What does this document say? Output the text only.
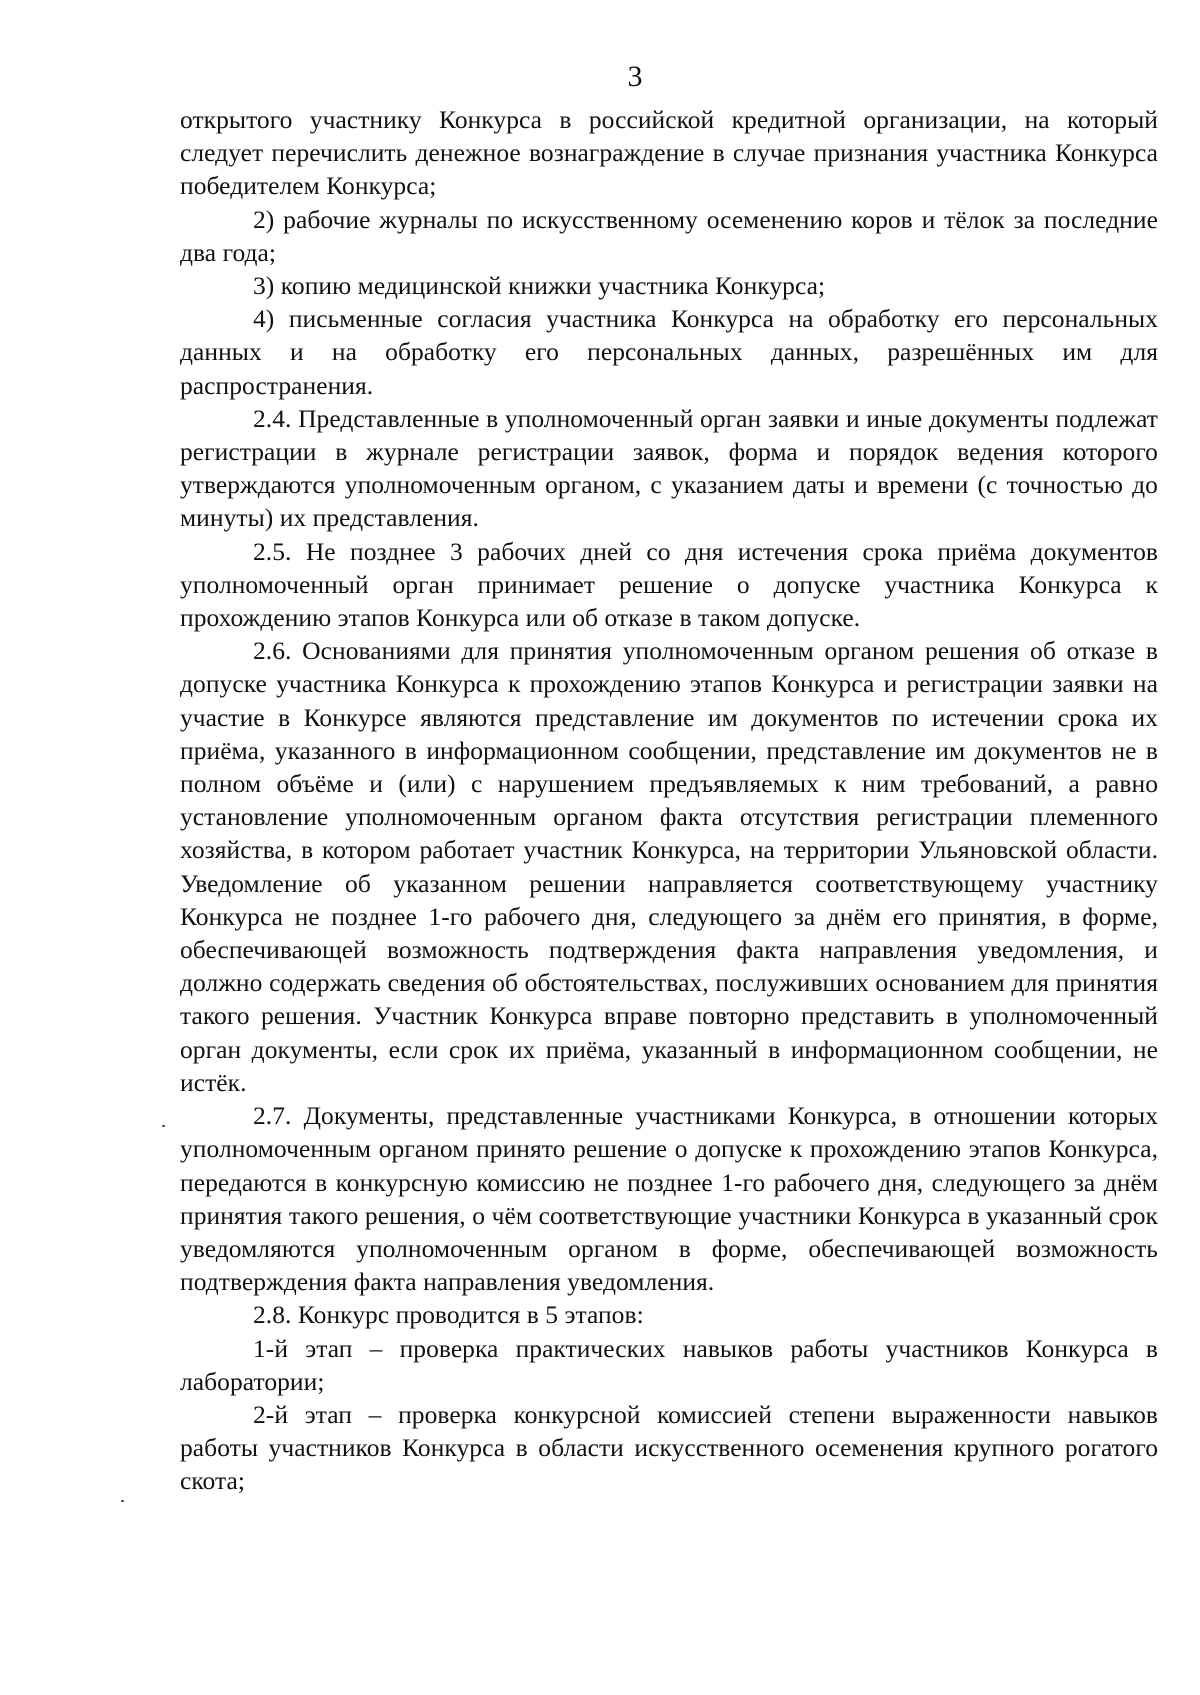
3

открытого участнику Конкурса в российской кредитной организации, на который следует перечислить денежное вознаграждение в случае признания участника Конкурса победителем Конкурса;

2) рабочие журналы по искусственному осеменению коров и тёлок за последние два года;

3) копию медицинской книжки участника Конкурса;

4) письменные согласия участника Конкурса на обработку его персональных данных и на обработку его персональных данных, разрешённых им для распространения.

2.4. Представленные в уполномоченный орган заявки и иные документы подлежат регистрации в журнале регистрации заявок, форма и порядок ведения которого утверждаются уполномоченным органом, с указанием даты и времени (с точностью до минуты) их представления.

2.5. Не позднее 3 рабочих дней со дня истечения срока приёма документов уполномоченный орган принимает решение о допуске участника Конкурса к прохождению этапов Конкурса или об отказе в таком допуске.

2.6. Основаниями для принятия уполномоченным органом решения об отказе в допуске участника Конкурса к прохождению этапов Конкурса и регистрации заявки на участие в Конкурсе являются представление им документов по истечении срока их приёма, указанного в информационном сообщении, представление им документов не в полном объёме и (или) с нарушением предъявляемых к ним требований, а равно установление уполномоченным органом факта отсутствия регистрации племенного хозяйства, в котором работает участник Конкурса, на территории Ульяновской области. Уведомление об указанном решении направляется соответствующему участнику Конкурса не позднее 1-го рабочего дня, следующего за днём его принятия, в форме, обеспечивающей возможность подтверждения факта направления уведомления, и должно содержать сведения об обстоятельствах, послуживших основанием для принятия такого решения. Участник Конкурса вправе повторно представить в уполномоченный орган документы, если срок их приёма, указанный в информационном сообщении, не истёк.

2.7. Документы, представленные участниками Конкурса, в отношении которых уполномоченным органом принято решение о допуске к прохождению этапов Конкурса, передаются в конкурсную комиссию не позднее 1-го рабочего дня, следующего за днём принятия такого решения, о чём соответствующие участники Конкурса в указанный срок уведомляются уполномоченным органом в форме, обеспечивающей возможность подтверждения факта направления уведомления.

2.8. Конкурс проводится в 5 этапов:

1-й этап – проверка практических навыков работы участников Конкурса в лаборатории;

2-й этап – проверка конкурсной комиссией степени выраженности навыков работы участников Конкурса в области искусственного осеменения крупного рогатого скота;
